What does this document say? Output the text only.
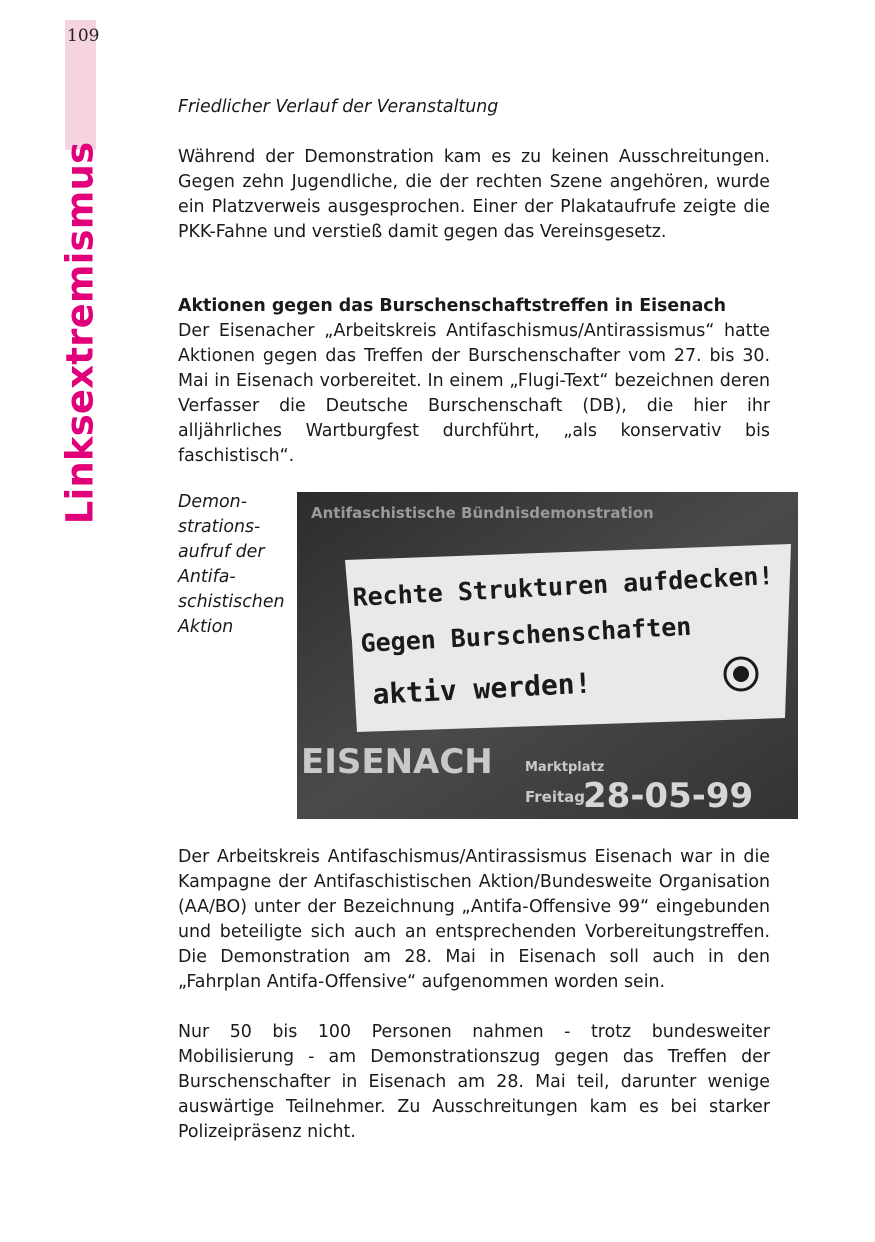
109
Linksextremismus

Friedlicher Verlauf der Veranstaltung

Während der Demonstration kam es zu keinen Ausschreitungen. Gegen zehn Jugendliche, die der rechten Szene angehören, wurde ein Platzverweis ausgesprochen. Einer der Plakataufrufe zeigte die PKK-Fahne und verstieß damit gegen das Vereinsgesetz.

Aktionen gegen das Burschenschaftstreffen in Eisenach

Der Eisenacher „Arbeitskreis Antifaschismus/Antirassismus“ hatte Aktionen gegen das Treffen der Burschenschafter vom 27. bis 30. Mai in Eisenach vorbereitet. In einem „Flugi-Text“ bezeichnen deren Verfasser die Deutsche Burschenschaft (DB), die hier ihr alljährliches Wartburgfest durchführt, „als konservativ bis faschistisch“.

Demon-
strations-
aufruf der
Antifa-
schistischen
Aktion
Antifaschistische Bündnisdemonstration
Rechte Strukturen aufdecken!
Gegen Burschenschaften
aktiv werden!
EISENACH Marktplatz
Freitag
28-05-99

Der Arbeitskreis Antifaschismus/Antirassismus Eisenach war in die Kampagne der Antifaschistischen Aktion/Bundesweite Organisation (AA/BO) unter der Bezeichnung „Antifa-Offensive 99“ eingebunden und beteiligte sich auch an entsprechenden Vorbereitungstreffen. Die Demonstration am 28. Mai in Eisenach soll auch in den „Fahrplan Antifa-Offensive“ aufgenommen worden sein.

Nur 50 bis 100 Personen nahmen - trotz bundesweiter Mobilisierung - am Demonstrationszug gegen das Treffen der Burschenschafter in Eisenach am 28. Mai teil, darunter wenige auswärtige Teilnehmer. Zu Ausschreitungen kam es bei starker Polizeipräsenz nicht.
